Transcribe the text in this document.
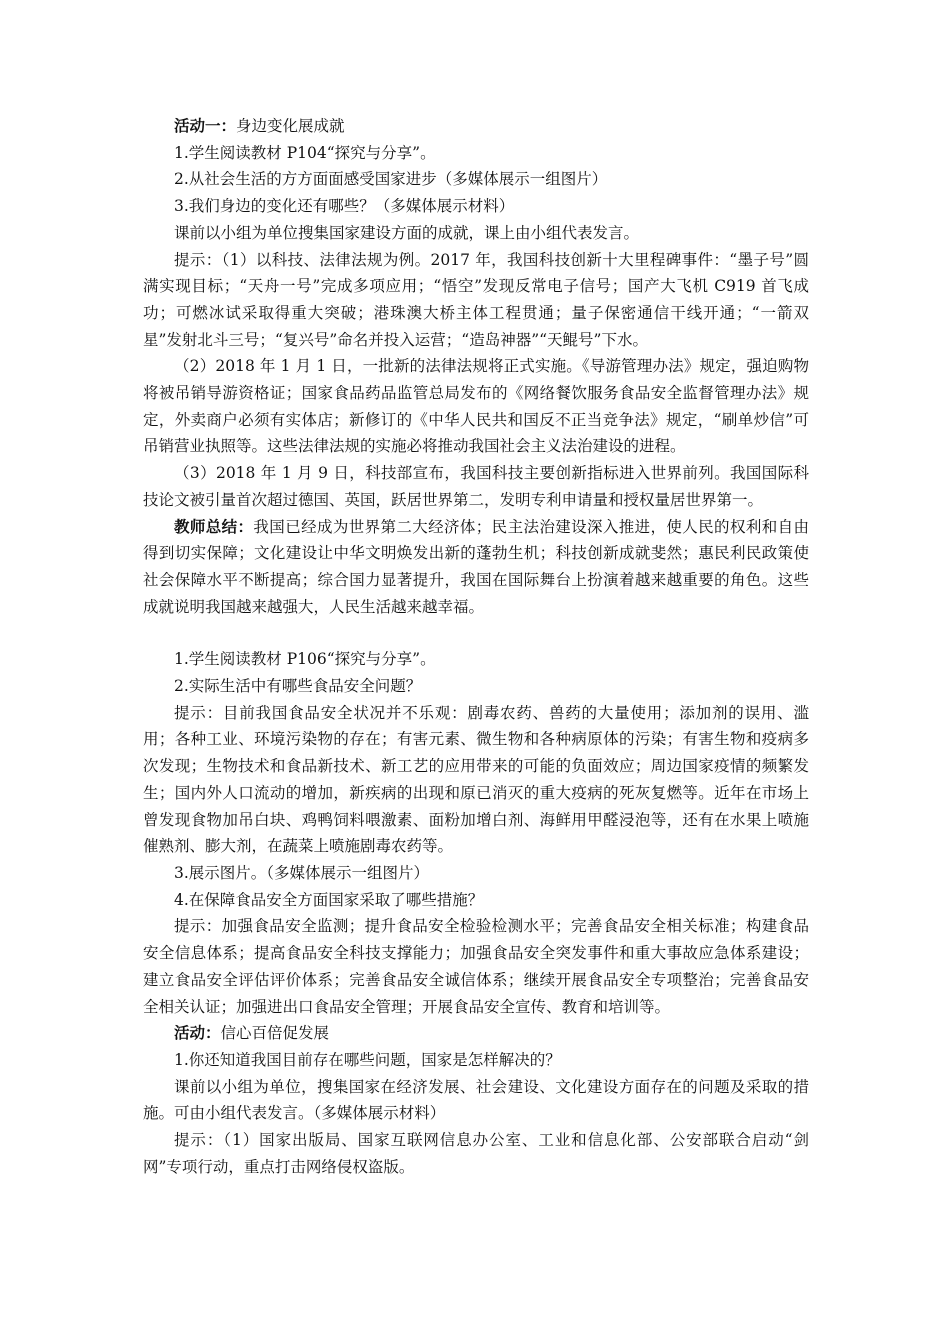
活动一：身边变化展成就

1.学生阅读教材 P104“探究与分享”。

2.从社会生活的方方面面感受国家进步（多媒体展示一组图片）

3.我们身边的变化还有哪些？（多媒体展示材料）

课前以小组为单位搜集国家建设方面的成就，课上由小组代表发言。

提示：（1）以科技、法律法规为例。2017 年，我国科技创新十大里程碑事件：“墨子号”圆满实现目标；“天舟一号”完成多项应用；“悟空”发现反常电子信号；国产大飞机 C919 首飞成功；可燃冰试采取得重大突破；港珠澳大桥主体工程贯通；量子保密通信干线开通；“一箭双星”发射北斗三号；“复兴号”命名并投入运营；“造岛神器”“天鲲号”下水。

（2）2018 年 1 月 1 日，一批新的法律法规将正式实施。《导游管理办法》规定，强迫购物将被吊销导游资格证；国家食品药品监管总局发布的《网络餐饮服务食品安全监督管理办法》规定，外卖商户必须有实体店；新修订的《中华人民共和国反不正当竞争法》规定，“刷单炒信”可吊销营业执照等。这些法律法规的实施必将推动我国社会主义法治建设的进程。

（3）2018 年 1 月 9 日，科技部宣布，我国科技主要创新指标进入世界前列。我国国际科技论文被引量首次超过德国、英国，跃居世界第二，发明专利申请量和授权量居世界第一。

教师总结：我国已经成为世界第二大经济体；民主法治建设深入推进，使人民的权利和自由得到切实保障；文化建设让中华文明焕发出新的蓬勃生机；科技创新成就斐然；惠民利民政策使社会保障水平不断提高；综合国力显著提升，我国在国际舞台上扮演着越来越重要的角色。这些成就说明我国越来越强大，人民生活越来越幸福。

1.学生阅读教材 P106“探究与分享”。

2.实际生活中有哪些食品安全问题？

提示：目前我国食品安全状况并不乐观：剧毒农药、兽药的大量使用；添加剂的误用、滥用；各种工业、环境污染物的存在；有害元素、微生物和各种病原体的污染；有害生物和疫病多次发现；生物技术和食品新技术、新工艺的应用带来的可能的负面效应；周边国家疫情的频繁发生；国内外人口流动的增加，新疾病的出现和原已消灭的重大疫病的死灰复燃等。近年在市场上曾发现食物加吊白块、鸡鸭饲料喂激素、面粉加增白剂、海鲜用甲醛浸泡等，还有在水果上喷施催熟剂、膨大剂，在蔬菜上喷施剧毒农药等。

3.展示图片。（多媒体展示一组图片）

4.在保障食品安全方面国家采取了哪些措施？

提示：加强食品安全监测；提升食品安全检验检测水平；完善食品安全相关标准；构建食品安全信息体系；提高食品安全科技支撑能力；加强食品安全突发事件和重大事故应急体系建设；建立食品安全评估评价体系；完善食品安全诚信体系；继续开展食品安全专项整治；完善食品安全相关认证；加强进出口食品安全管理；开展食品安全宣传、教育和培训等。

活动：信心百倍促发展

1.你还知道我国目前存在哪些问题，国家是怎样解决的？

课前以小组为单位，搜集国家在经济发展、社会建设、文化建设方面存在的问题及采取的措施。可由小组代表发言。（多媒体展示材料）

提示：（1）国家出版局、国家互联网信息办公室、工业和信息化部、公安部联合启动“剑网”专项行动，重点打击网络侵权盗版。
